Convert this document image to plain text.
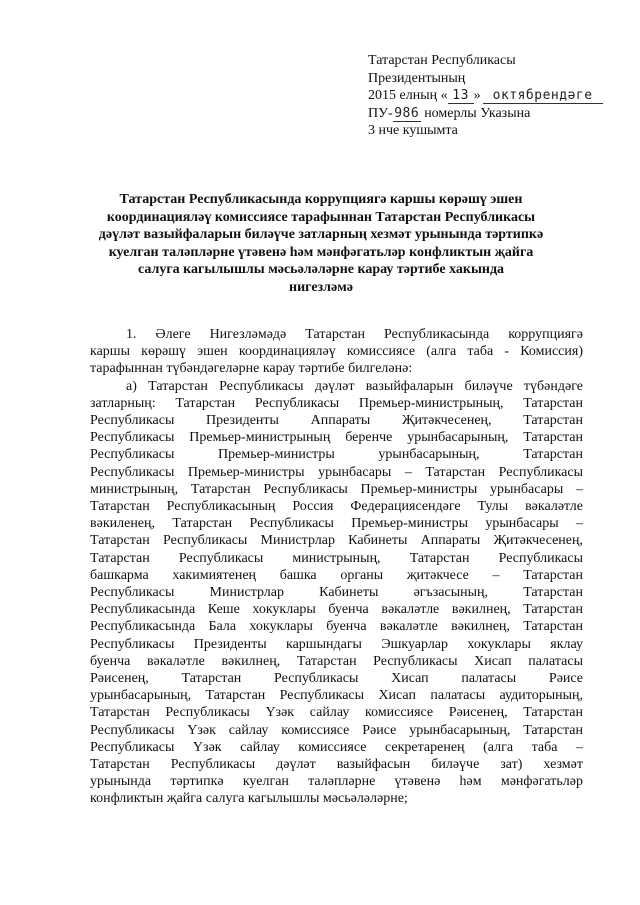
Татарстан Республикасы
Президентының
2015 елның « 13 » октябрендәге
ПУ- 986 номерлы Указына
3 нче кушымта
Татарстан Республикасында коррупциягә каршы көрәшү эшен
координацияләү комиссиясе тарафыннан Татарстан Республикасы
дәүләт вазыйфаларын биләүче затларның хезмәт урынында тәртипкә
куелган таләпләрне үтәвенә һәм мәнфәгатьләр конфликтын җайга
салуга кагылышлы мәсьәләләрне карау тәртибе хакында
нигезләмә
1. Әлеге Нигезләмәдә Татарстан Республикасында коррупциягә
каршы көрәшү эшен координацияләү комиссиясе (алга таба - Комиссия)
тарафыннан түбәндәгеләрне карау тәртибе билгеләнә:
а) Татарстан Республикасы дәүләт вазыйфаларын биләүче түбәндәге
затларның: Татарстан Республикасы Премьер-министрының, Татарстан
Республикасы Президенты Аппараты Җитәкчесенең, Татарстан
Республикасы Премьер-министрының беренче урынбасарының, Татарстан
Республикасы Премьер-министры урынбасарының, Татарстан
Республикасы Премьер-министры урынбасары – Татарстан Республикасы
министрының, Татарстан Республикасы Премьер-министры урынбасары –
Татарстан Республикасының Россия Федерациясендәге Тулы вәкаләтле
вәкиленең, Татарстан Республикасы Премьер-министры урынбасары –
Татарстан Республикасы Министрлар Кабинеты Аппараты Җитәкчесенең,
Татарстан Республикасы министрының, Татарстан Республикасы
башкарма хакимиятенең башка органы җитәкчесе – Татарстан
Республикасы Министрлар Кабинеты әгъзасының, Татарстан
Республикасында Кеше хокуклары буенча вәкаләтле вәкилнең, Татарстан
Республикасында Бала хокуклары буенча вәкаләтле вәкилнең, Татарстан
Республикасы Президенты каршындагы Эшкуарлар хокуклары яклау
буенча вәкаләтле вәкилнең, Татарстан Республикасы Хисап палатасы
Рәисенең, Татарстан Республикасы Хисап палатасы Рәисе
урынбасарының, Татарстан Республикасы Хисап палатасы аудиторының,
Татарстан Республикасы Үзәк сайлау комиссиясе Рәисенең, Татарстан
Республикасы Үзәк сайлау комиссиясе Рәисе урынбасарының, Татарстан
Республикасы Үзәк сайлау комиссиясе секретаренең (алга таба –
Татарстан Республикасы дәүләт вазыйфасын биләүче зат) хезмәт
урынында тәртипкә куелган таләпләрне үтәвенә һәм мәнфәгатьләр
конфликтын җайга салуга кагылышлы мәсьәләләрне;
